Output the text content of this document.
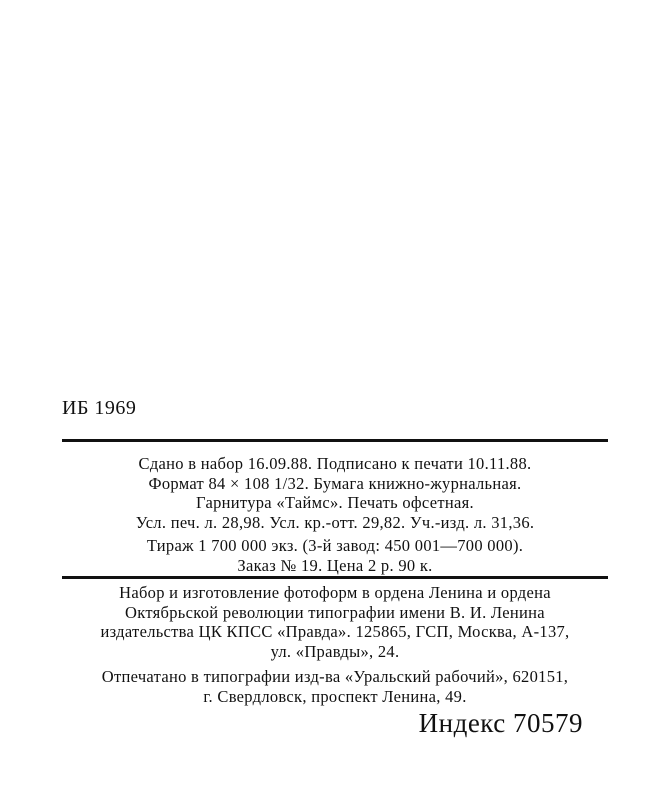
ИБ 1969
Сдано в набор 16.09.88. Подписано к печати 10.11.88.
Формат 84 × 108 1/32. Бумага книжно-журнальная.
Гарнитура «Таймс». Печать офсетная.
Усл. печ. л. 28,98. Усл. кр.-отт. 29,82. Уч.-изд. л. 31,36.
Тираж 1 700 000 экз. (3-й завод: 450 001—700 000).
Заказ № 19. Цена 2 р. 90 к.
Набор и изготовление фотоформ в ордена Ленина и ордена
Октябрьской революции типографии имени В. И. Ленина
издательства ЦК КПСС «Правда». 125865, ГСП, Москва, А-137,
ул. «Правды», 24.
Отпечатано в типографии изд-ва «Уральский рабочий», 620151,
г. Свердловск, проспект Ленина, 49.
Индекс 70579
